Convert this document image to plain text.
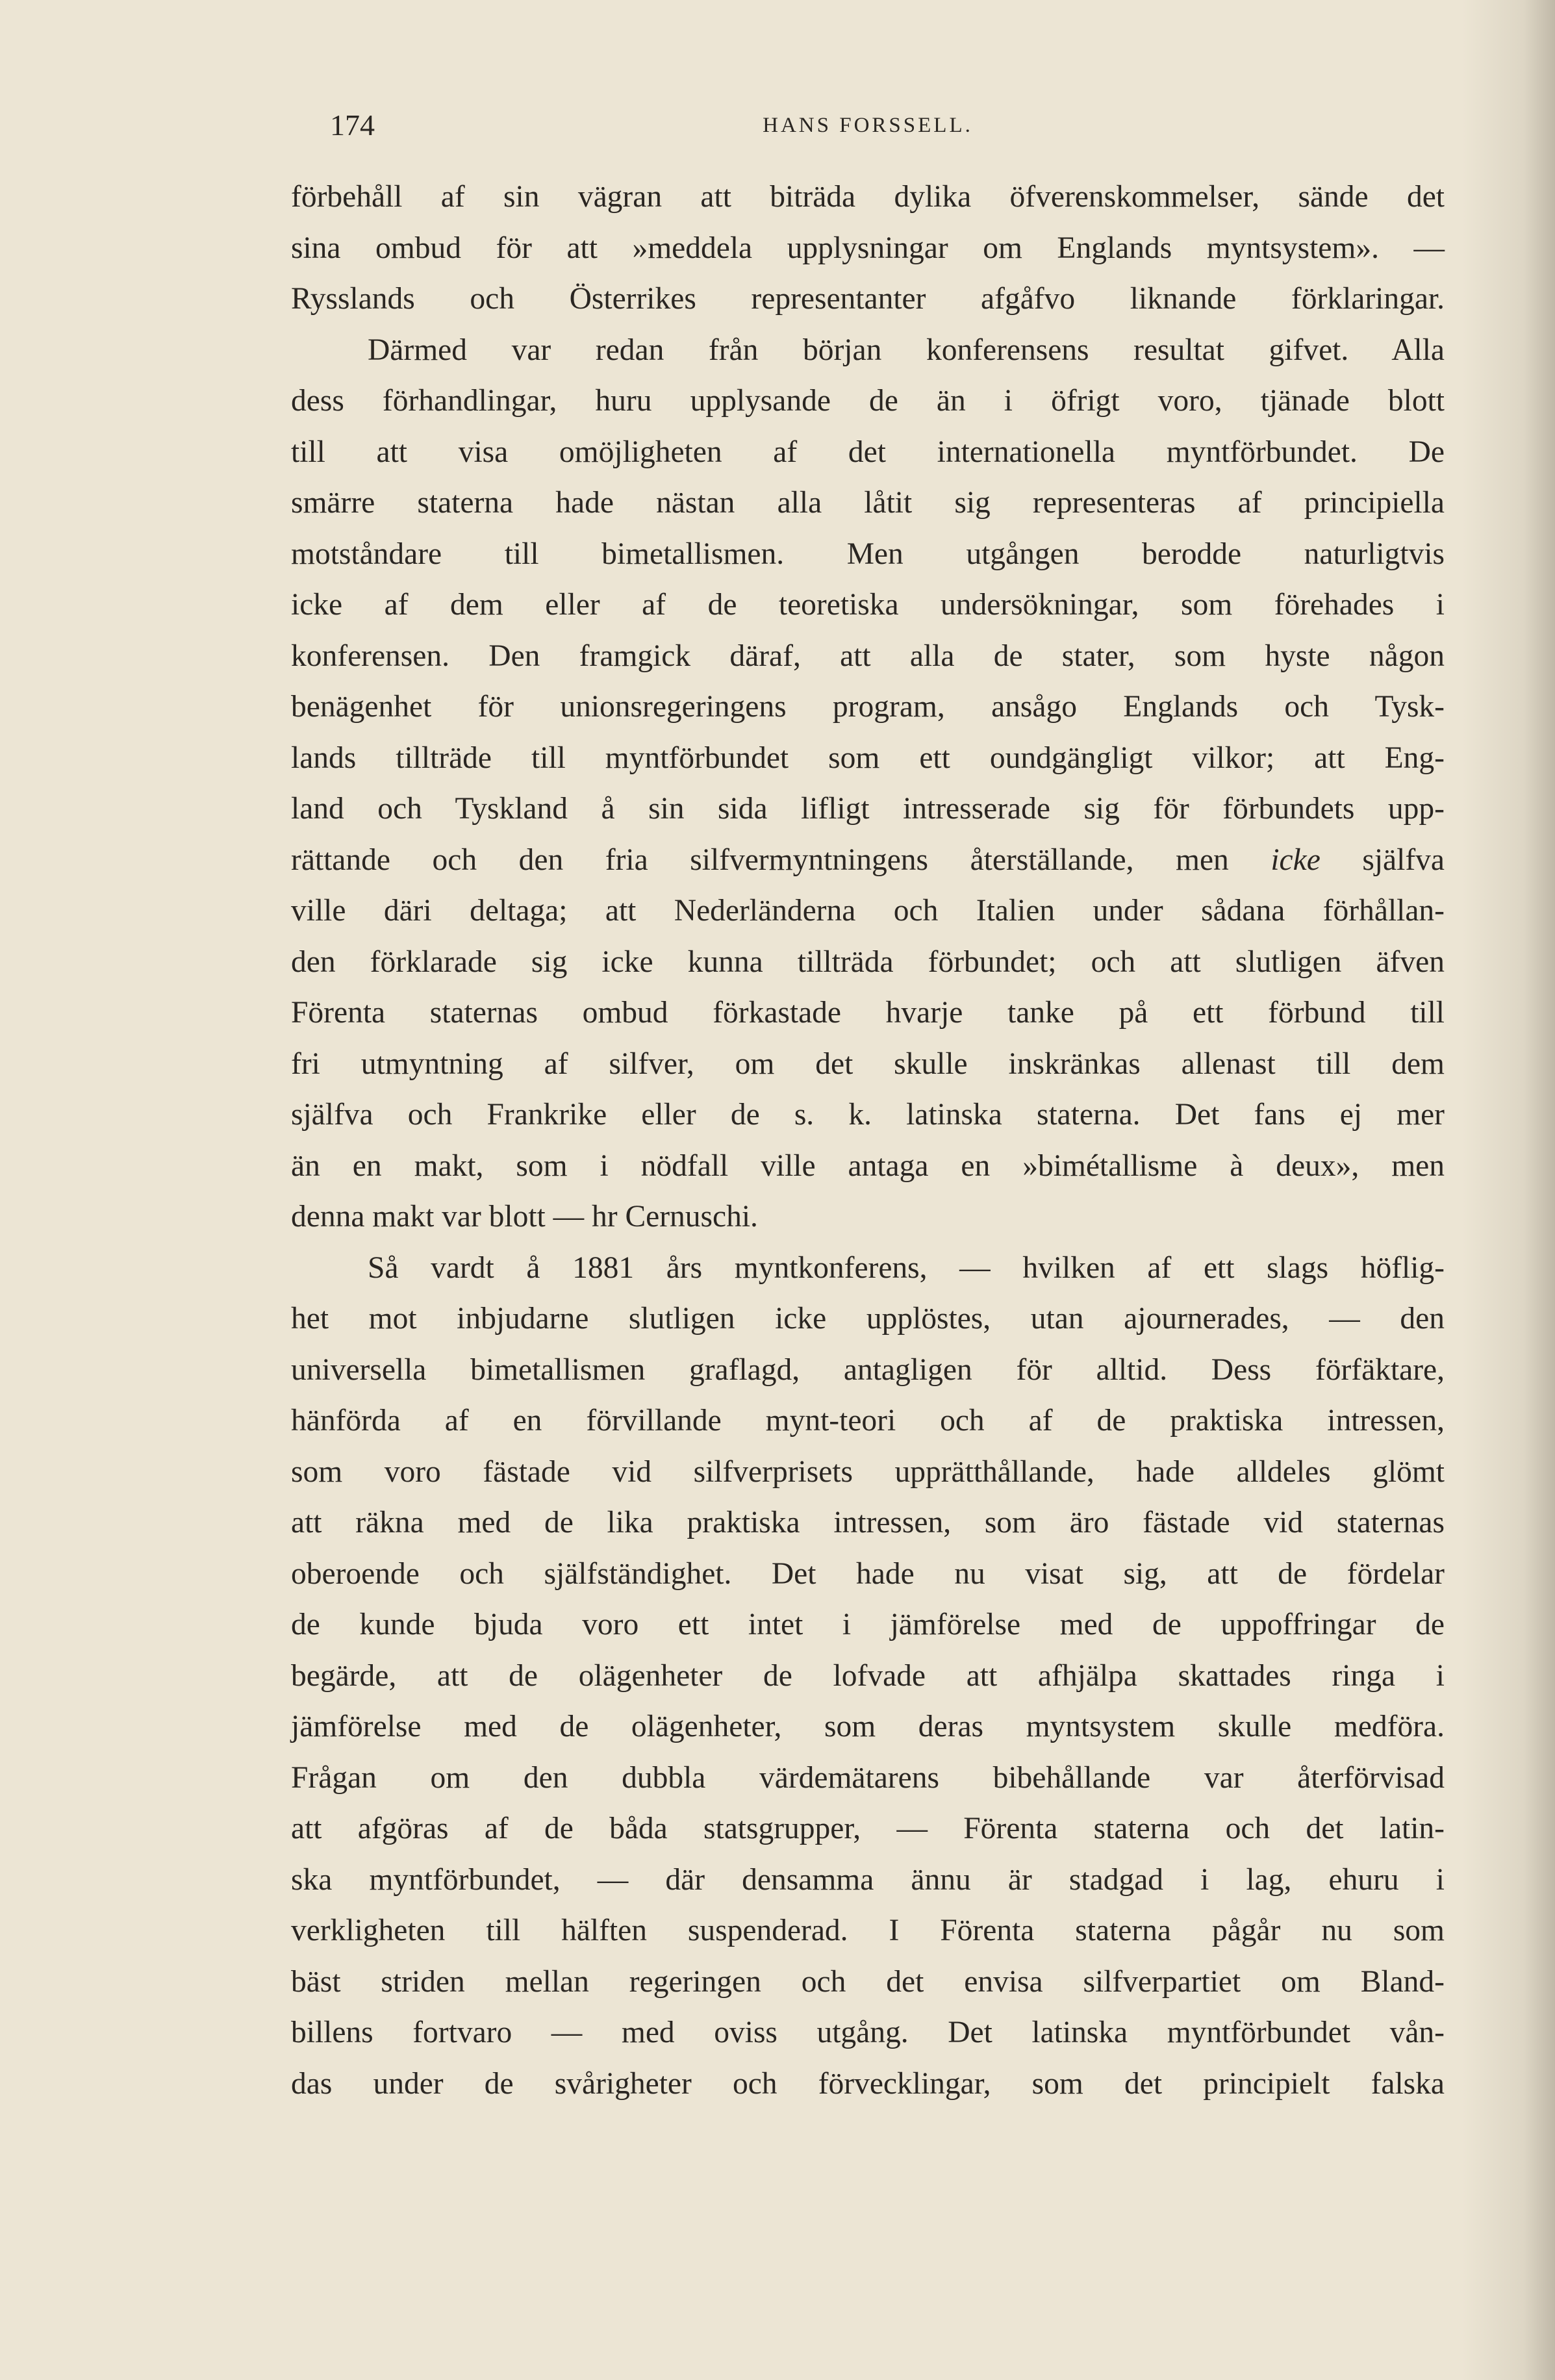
174	HANS FORSSELL.
förbehåll af sin vägran att biträda dylika öfverenskommelser, sände det
sina ombud för att »meddela upplysningar om Englands myntsystem». —
Rysslands och Österrikes representanter afgåfvo liknande förklaringar.
Därmed var redan från början konferensens resultat gifvet. Alla
dess förhandlingar, huru upplysande de än i öfrigt voro, tjänade blott
till att visa omöjligheten af det internationella myntförbundet. De
smärre staterna hade nästan alla låtit sig representeras af principiella
motståndare till bimetallismen. Men utgången berodde naturligtvis
icke af dem eller af de teoretiska undersökningar, som förehades i
konferensen. Den framgick däraf, att alla de stater, som hyste någon
benägenhet för unionsregeringens program, ansågo Englands och Tysk-
lands tillträde till myntförbundet som ett oundgängligt vilkor; att Eng-
land och Tyskland å sin sida lifligt intresserade sig för förbundets upp-
rättande och den fria silfvermyntningens återställande, men icke själfva
ville däri deltaga; att Nederländerna och Italien under sådana förhållan-
den förklarade sig icke kunna tillträda förbundet; och att slutligen äfven
Förenta staternas ombud förkastade hvarje tanke på ett förbund till
fri utmyntning af silfver, om det skulle inskränkas allenast till dem
själfva och Frankrike eller de s. k. latinska staterna. Det fans ej mer
än en makt, som i nödfall ville antaga en »bimétallisme à deux», men
denna makt var blott — hr Cernuschi.
Så vardt å 1881 års myntkonferens, — hvilken af ett slags höflig-
het mot inbjudarne slutligen icke upplöstes, utan ajournerades, — den
universella bimetallismen graflagd, antagligen för alltid. Dess förfäktare,
hänförda af en förvillande mynt-teori och af de praktiska intressen,
som voro fästade vid silfverprisets upprätthållande, hade alldeles glömt
att räkna med de lika praktiska intressen, som äro fästade vid staternas
oberoende och själfständighet. Det hade nu visat sig, att de fördelar
de kunde bjuda voro ett intet i jämförelse med de uppoffringar de
begärde, att de olägenheter de lofvade att afhjälpa skattades ringa i
jämförelse med de olägenheter, som deras myntsystem skulle medföra.
Frågan om den dubbla värdemätarens bibehållande var återförvisad
att afgöras af de båda statsgrupper, — Förenta staterna och det latin-
ska myntförbundet, — där densamma ännu är stadgad i lag, ehuru i
verkligheten till hälften suspenderad. I Förenta staterna pågår nu som
bäst striden mellan regeringen och det envisa silfverpartiet om Bland-
billens fortvaro — med oviss utgång. Det latinska myntförbundet vån-
das under de svårigheter och förvecklingar, som det principielt falska
